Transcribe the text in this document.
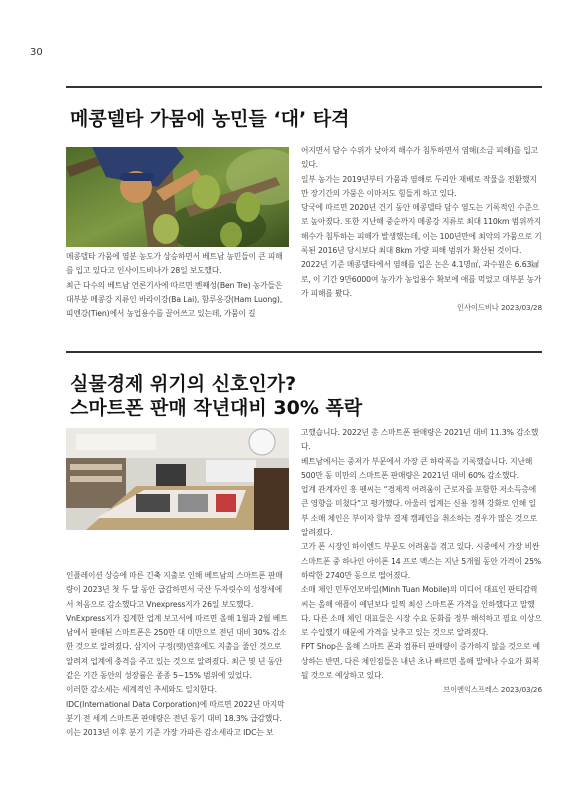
30
메콩델타 가뭄에 농민들 ‘대’ 타격

메콩델타 가뭄에 염분 농도가 상승하면서 베트남 농민들이 큰 피해를 입고 있다고 인사이드비나가 28일 보도했다.

최근 다수의 베트남 언론기사에 따르면 벤째성(Ben Tre) 농가들은 대부분 메콩강 지류인 바라이강(Ba Lai), 함루옹강(Ham Luong), 띠엔강(Tien)에서 농업용수를 끌어쓰고 있는데, 가뭄이 길

어지면서 담수 수위가 낮아져 해수가 침투하면서 염해(소금 피해)를 입고 있다.

일부 농가는 2019년부터 가뭄과 염해로 두리안 재배로 작물을 전환했지만 장기간의 가뭄은 이마저도 힘들게 하고 있다.

당국에 따르면 2020년 건기 동안 메콩델타 담수 염도는 기록적인 수준으로 높아졌다. 또한 지난해 중순까지 메콩강 지류로 최대 110km 범위까지 해수가 침투하는 피해가 발생했는데, 이는 100년만에 최악의 가뭄으로 기록된 2016년 당시보다 최대 8km 가량 피해 범위가 확산된 것이다.

2022년 기준 메콩델타에서 염해를 입은 논은 4.1명㎡, 과수원은 6.63㎢로, 이 기간 9만6000여 농가가 농업용수 확보에 애를 먹었고 대부분 농가가 피해를 봤다.

인사이드비나 2023/03/28
실물경제 위기의 신호인가?
스마트폰 판매 작년대비 30% 폭락

인플레이션 상승에 따른 긴축 지출로 인해 베트남의 스마트폰 판매량이 2023년 첫 두 달 동안 급감하면서 국산 두자릿수의 성장세에서 처음으로 감소했다고 Vnexpress지가 26일 보도했다.

VnExpress지가 집계한 업계 보고서에 따르면 올해 1월과 2월 베트남에서 판매된 스마트폰은 250만 대 미만으로 전년 대비 30% 감소한 것으로 알려졌다. 삼지어 구정(뗏)연휴에도 지출을 줄인 것으로 알려져 업계에 충격을 주고 있는 것으로 알려졌다. 최근 몇 년 동안 같은 기간 동안의 성장률은 종종 5~15% 범위에 있었다.

이러한 감소세는 세계적인 추세와도 일치한다.

IDC(International Data Corporation)에 따르면 2022년 마지막 분기 전 세계 스마트폰 판매량은 전년 동기 대비 18.3% 급감했다. 이는 2013년 이후 분기 기준 가장 가파른 감소세라고 IDC는 보

고했습니다. 2022년 총 스마트폰 판매량은 2021년 대비 11.3% 감소했다.

베트남에서는 중저가 부문에서 가장 큰 하락폭을 기록했습니다. 지난해 500만 동 미만의 스마트폰 판매량은 2021년 대비 60% 감소했다.

업계 관계자인 흥 펜씨는 “경제적 어려움이 근로자를 포함한 저소득층에 큰 영향을 미쳤다”고 평가했다. 아울러 업계는 신용 정책 강화로 인해 일부 소매 체인은 부이자 할부 결제 캠페인을 취소하는 경우가 많은 것으로 알려졌다.

고가 폰 시장인 하이엔드 부문도 어려움을 겪고 있다. 시중에서 가장 비싼 스마트폰 중 하나인 아이폰 14 프로 맥스는 지난 5개월 동안 가격이 25% 하락한 2740만 동으로 떨어졌다.

소매 체인 민투언모바일(Minh Tuan Mobile)의 미디어 대표인 판티감꿕씨는 올해 애플이 예년보다 일찍 최신 스마트폰 가격을 인하했다고 말했다. 다른 소매 체인 대표들은 시장 수요 둔화를 정부 해석하고 필요 이상으로 수입했기 때문에 가격을 낮추고 있는 것으로 알려졌다.

FPT Shop은 올해 스마트 폰과 컴퓨터 판매량이 증가하지 않을 것으로 예상하는 반면, 다른 체인점들은 내년 초나 빠르면 올해 말에나 수요가 회복될 것으로 예상하고 있다.

브이엔익스프레스 2023/03/26
